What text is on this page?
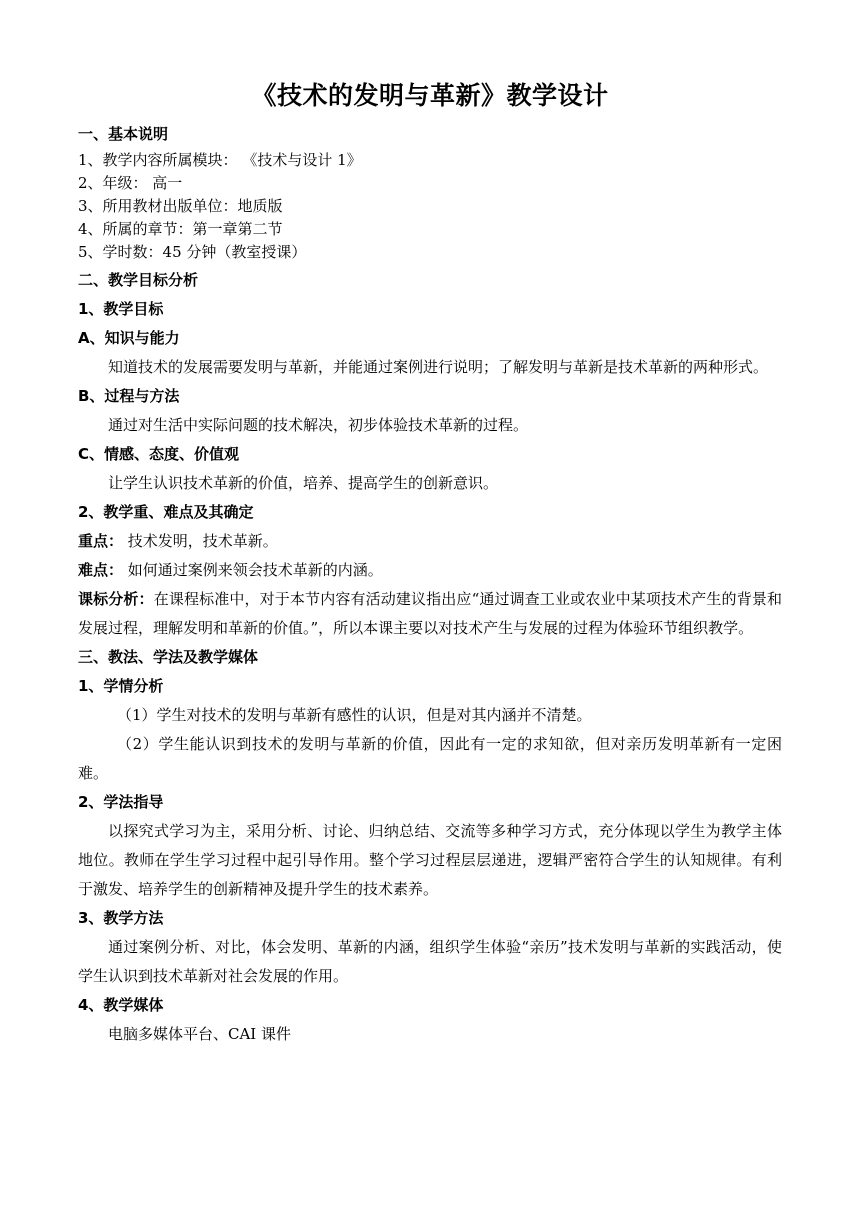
《技术的发明与革新》教学设计

一、基本说明

1、教学内容所属模块： 《技术与设计 1》

2、年级： 高一

3、所用教材出版单位：地质版

4、所属的章节：第一章第二节

5、学时数：45 分钟（教室授课）

二、教学目标分析

1、教学目标

A、知识与能力

知道技术的发展需要发明与革新，并能通过案例进行说明；了解发明与革新是技术革新的两种形式。

B、过程与方法

通过对生活中实际问题的技术解决，初步体验技术革新的过程。

C、情感、态度、价值观

让学生认识技术革新的价值，培养、提高学生的创新意识。

2、教学重、难点及其确定

重点： 技术发明，技术革新。

难点： 如何通过案例来领会技术革新的内涵。

课标分析：在课程标准中，对于本节内容有活动建议指出应“通过调查工业或农业中某项技术产生的背景和发展过程，理解发明和革新的价值。”，所以本课主要以对技术产生与发展的过程为体验环节组织教学。

三、教法、学法及教学媒体

1、学情分析

（1）学生对技术的发明与革新有感性的认识，但是对其内涵并不清楚。

（2）学生能认识到技术的发明与革新的价值，因此有一定的求知欲，但对亲历发明革新有一定困难。

2、学法指导

以探究式学习为主，采用分析、讨论、归纳总结、交流等多种学习方式，充分体现以学生为教学主体地位。教师在学生学习过程中起引导作用。整个学习过程层层递进，逻辑严密符合学生的认知规律。有利于激发、培养学生的创新精神及提升学生的技术素养。

3、教学方法

通过案例分析、对比，体会发明、革新的内涵，组织学生体验“亲历”技术发明与革新的实践活动，使学生认识到技术革新对社会发展的作用。

4、教学媒体

电脑多媒体平台、CAI 课件
